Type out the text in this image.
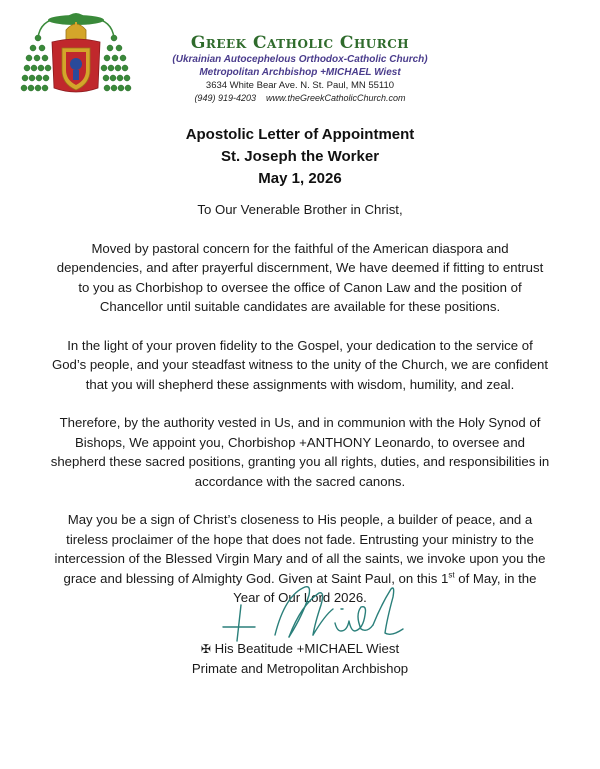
Greek Catholic Church
(Ukrainian Autocephelous Orthodox-Catholic Church)
Metropolitan Archbishop +MICHAEL Wiest
3634 White Bear Ave. N. St. Paul, MN 55110
(949) 919-4203 www.theGreekCatholicChurch.com
Apostolic Letter of Appointment
St. Joseph the Worker
May 1, 2026

To Our Venerable Brother in Christ,

Moved by pastoral concern for the faithful of the American diaspora and dependencies, and after prayerful discernment, We have deemed if fitting to entrust to you as Chorbishop to oversee the office of Canon Law and the position of Chancellor until suitable candidates are available for these positions.

In the light of your proven fidelity to the Gospel, your dedication to the service of God’s people, and your steadfast witness to the unity of the Church, we are confident that you will shepherd these assignments with wisdom, humility, and zeal.

Therefore, by the authority vested in Us, and in communion with the Holy Synod of Bishops, We appoint you, Chorbishop +ANTHONY Leonardo, to oversee and shepherd these sacred positions, granting you all rights, duties, and responsibilities in accordance with the sacred canons.

May you be a sign of Christ’s closeness to His people, a builder of peace, and a tireless proclaimer of the hope that does not fade. Entrusting your ministry to the intercession of the Blessed Virgin Mary and of all the saints, we invoke upon you the grace and blessing of Almighty God. Given at Saint Paul, on this 1st of May, in the Year of Our Lord 2026.

✠ His Beatitude +MICHAEL Wiest
Primate and Metropolitan Archbishop
